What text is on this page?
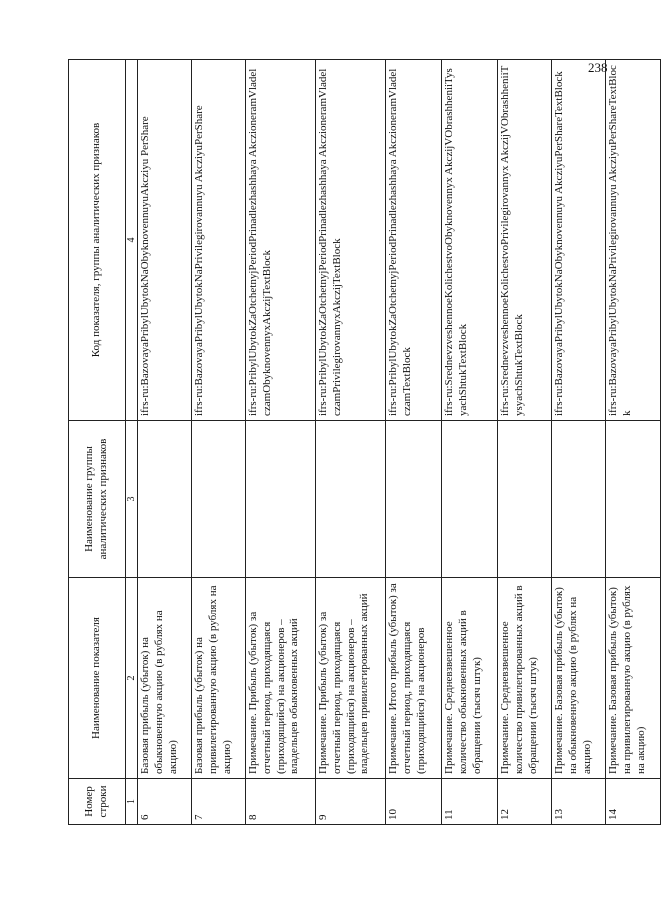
238
Номер строки	Наименование показателя	Наименование группы аналитических признаков	Код показателя, группы аналитических признаков
1	2	3	4
6	Базовая прибыль (убыток) на обыкновенную акцию (в рублях на акцию)		ifrs-ru:BazovayaPribylUbytokNaObyknovennuyuAkcziyu PerShare
7	Базовая прибыль (убыток) на привилегированную акцию (в рублях на акцию)		ifrs-ru:BazovayaPribylUbytokNaPrivilegirovannuyu AkcziyuPerShare
8	Примечание. Прибыль (убыток) за отчетный период, приходящаяся (приходящийся) на акционеров – владельцев обыкновенных акций		ifrs-ru:PribylUbytokZaOtchetnyjPeriodPrinadlezhashhaya AkczioneramVladelczamObyknovennyxAkczijTextBlock
9	Примечание. Прибыль (убыток) за отчетный период, приходящаяся (приходящийся) на акционеров – владельцев привилегированных акций		ifrs-ru:PribylUbytokZaOtchetnyjPeriodPrinadlezhashhaya AkczioneramVladelczamPrivilegirovannyxAkczijTextBlock
10	Примечание. Итого прибыль (убыток) за отчетный период, приходящаяся (приходящийся) на акционеров		ifrs-ru:PribylUbytokZaOtchetnyjPeriodPrinadlezhashhaya AkczioneramVladelczamTextBlock
11	Примечание. Средневзвешенное количество обыкновенных акций в обращении (тысяч штук)		ifrs-ru:SrednevzveshennoeKolichestvoObyknovennyx AkczijVObrashheniiTysyachShtukTextBlock
12	Примечание. Средневзвешенное количество привилегированных акций в обращении (тысяч штук)		ifrs-ru:SrednevzveshennoeKolichestvoPrivilegirovannyx AkczijVObrashheniiTysyachShtukTextBlock
13	Примечание. Базовая прибыль (убыток) на обыкновенную акцию (в рублях на акцию)		ifrs-ru:BazovayaPribylUbytokNaObyknovennuyu AkcziyuPerShareTextBlock
14	Примечание. Базовая прибыль (убыток) на привилегированную акцию (в рублях на акцию)		ifrs-ru:BazovayaPribylUbytokNaPrivilegirovannuyu AkcziyuPerShareTextBlock
